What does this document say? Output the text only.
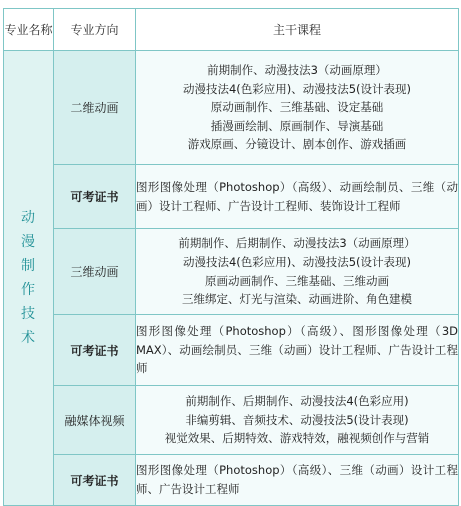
专业名称	专业方向	主干课程
动漫制作技术	二维动画	前期制作、动漫技法3（动画原理）
动漫技法4(色彩应用)、动漫技法5(设计表现)
原动画制作、三维基础、设定基础
插漫画绘制、原画制作、导演基础
游戏原画、分镜设计、剧本创作、游戏插画

	可考证书	图形图像处理（Photoshop）（高级）、动画绘制员、三维（动画）设计工程师、广告设计工程师、装饰设计工程师

	三维动画	前期制作、后期制作、动漫技法3（动画原理）
动漫技法4(色彩应用)、动漫技法5(设计表现)
原画动画制作、三维基础、三维动画
三维绑定、灯光与渲染、动画进阶、角色建模

	可考证书	图形图像处理（Photoshop）（高级）、图形图像处理（3D MAX）、动画绘制员、三维（动画）设计工程师、广告设计工程师

	融媒体视频	前期制作、后期制作、动漫技法4(色彩应用)
非编剪辑、音频技术、动漫技法5(设计表现)
视觉效果、后期特效、游戏特效，融视频创作与营销

	可考证书	图形图像处理（Photoshop）（高级）、三维（动画）设计工程师、广告设计工程师
